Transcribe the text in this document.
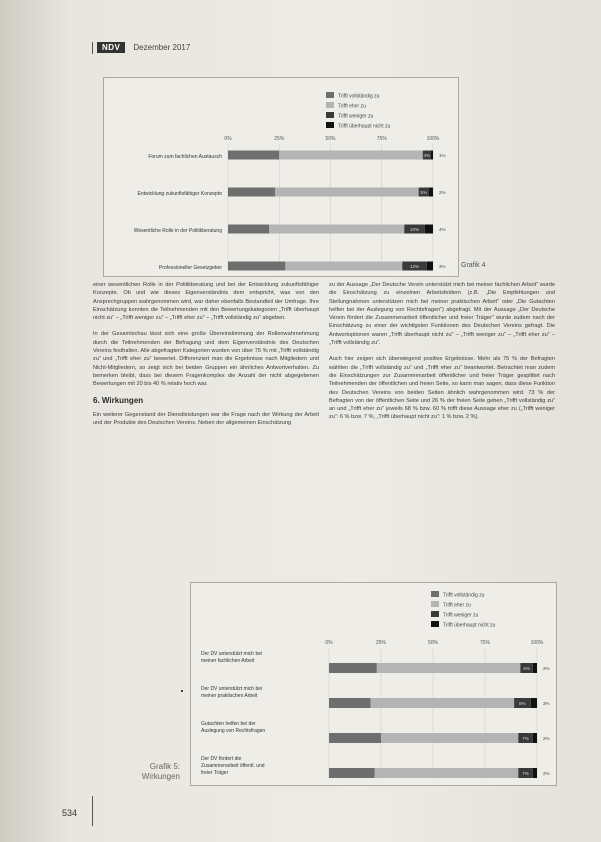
NDV	Dezember 2017
Trifft vollständig zu
Trifft eher zu
Trifft weniger zu
Trifft überhaupt nicht zu
0%	25%	50%	75%	100%
Forum zum fachlichen Austausch	4% 1%
Entwicklung zukunftsfähiger Konzepte	5%	2%
Wesentliche Rolle in der Politikberatung	10%	4%
Professioneller Gesetzgeber	12%	3% Grafik 4

einer wesentlichen Rolle in der Politikberatung und bei der Entwicklung zukunftsfähiger Konzepte. Ob und wie dieses Eigenverständnis dem entspricht, was von den Ansprechgruppen wahrgenommen wird, war daher ebenfalls Bestandteil der Umfrage. Ihre Einschätzung konnten die Teilnehmenden mit den Bewertungskategorien „Trifft überhaupt nicht zu“ – „Trifft weniger zu“ – „Trifft eher zu“ – „Trifft vollständig zu“ abgeben.

In der Gesamtschau lässt sich eine große Übereinstimmung der Rollenwahrnehmung durch die Teilnehmenden der Befragung und dem Eigenverständnis des Deutschen Vereins festhalten. Alle abgefragten Kategorien wurden von über 75 % mit „Trifft vollständig zu“ und „Trifft eher zu“ bewertet. Differenziert man die Ergebnisse nach Mitgliedern und Nicht-Mitgliedern, so zeigt sich bei beiden Gruppen ein ähnliches Antwortverhalten. Zu bemerken bleibt, dass bei diesem Fragenkomplex die Anzahl der nicht abgegebenen Bewertungen mit 20 bis 40 % relativ hoch war.

6. Wirkungen

Ein weiterer Gegenstand der Dienstleistungen war die Frage nach der Wirkung der Arbeit und der Produkte des Deutschen Vereins. Neben der allgemeinen Einschätzung

zu der Aussage „Der Deutsche Verein unterstützt mich bei meiner fachlichen Arbeit“ wurde die Einschätzung zu einzelnen Arbeitsfeldern (z.B. „Die Empfehlungen und Stellungnahmen unterstützen mich bei meiner praktischen Arbeit“ oder „Die Gutachten helfen bei der Auslegung von Rechtsfragen“) abgefragt. Mit der Aussage „Der Deutsche Verein fördert die Zusammenarbeit öffentlicher und freier Träger“ wurde zudem nach der Einschätzung zu einer der wichtigsten Funktionen des Deutschen Vereins gefragt. Die Antwortoptionen waren „Trifft überhaupt nicht zu“ – „Trifft weniger zu“ – „Trifft eher zu“ – „Trifft vollständig zu“.

Auch hier zeigen sich überwiegend positive Ergebnisse. Mehr als 75 % der Befragten wählten die „Trifft vollständig zu“ und „Trifft eher zu“ beantwortet. Betrachtet man zudem die Einschätzungen zur Zusammenarbeit öffentlicher und freier Träger gesplittet nach Teilnehmenden der öffentlichen und freien Seite, so kann man sagen, dass diese Funktion des Deutschen Vereins von beiden Seiten ähnlich wahrgenommen wird. 73 % der Befragten von der öffentlichen Seite und 26 % der freien Seite geben „Trifft vollständig zu“ an und „Trifft eher zu“ jeweils 68 % bzw. 60 % trifft diese Aussage eher zu („Trifft weniger zu“: 6 % bzw. 7 %, „Trifft überhaupt nicht zu“: 1 % bzw. 2 %).

Trifft vollständig zu
Trifft eher zu
Trifft weniger zu
Trifft überhaupt nicht zu
0%	25%	50%	75%	100%
Der DV unterstützt mich bei
meiner fachlichen Arbeit
6%	2%
Der DV unterstützt mich bei
meiner praktischen Arbeit
8%	3%
Gutachten helfen bei der
Auslegung von Rechtsfragen
7%	2%
Der DV fördert die
Zusammenarbeit öffentl. und
freier Träger	7%	2%
Grafik 5: Wirkungen
534
